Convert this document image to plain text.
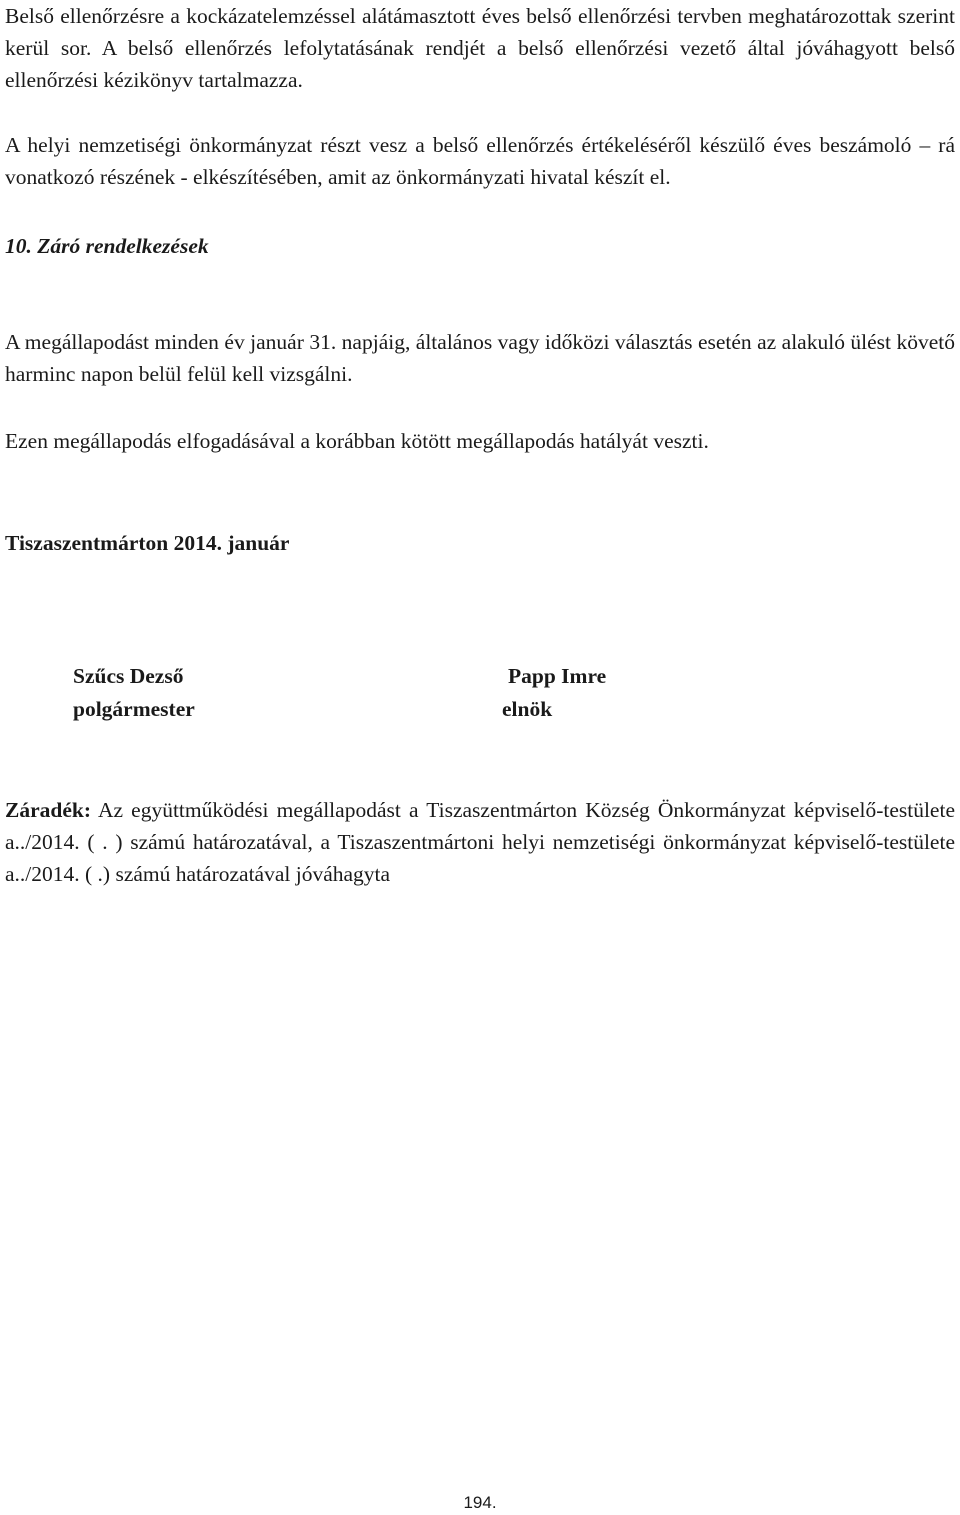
Belső ellenőrzésre a kockázatelemzéssel alátámasztott éves belső ellenőrzési tervben meghatározottak szerint kerül sor. A belső ellenőrzés lefolytatásának rendjét a belső ellenőrzési vezető által jóváhagyott belső ellenőrzési kézikönyv tartalmazza.
A helyi nemzetiségi önkormányzat részt vesz a belső ellenőrzés értékeléséről készülő éves beszámoló – rá vonatkozó részének - elkészítésében, amit az önkormányzati hivatal készít el.
10. Záró rendelkezések
A megállapodást minden év január 31. napjáig, általános vagy időközi választás esetén az alakuló ülést követő harminc napon belül felül kell vizsgálni.
Ezen megállapodás elfogadásával a korábban kötött megállapodás hatályát veszti.
Tiszaszentmárton 2014. január
Szűcs Dezső
polgármester
Papp Imre
elnök
Záradék: Az együttműködési megállapodást a Tiszaszentmárton Község Önkormányzat képviselő-testülete a../2014. ( . ) számú határozatával, a Tiszaszentmártoni helyi nemzetiségi önkormányzat képviselő-testülete a../2014. ( .) számú határozatával jóváhagyta
194.
